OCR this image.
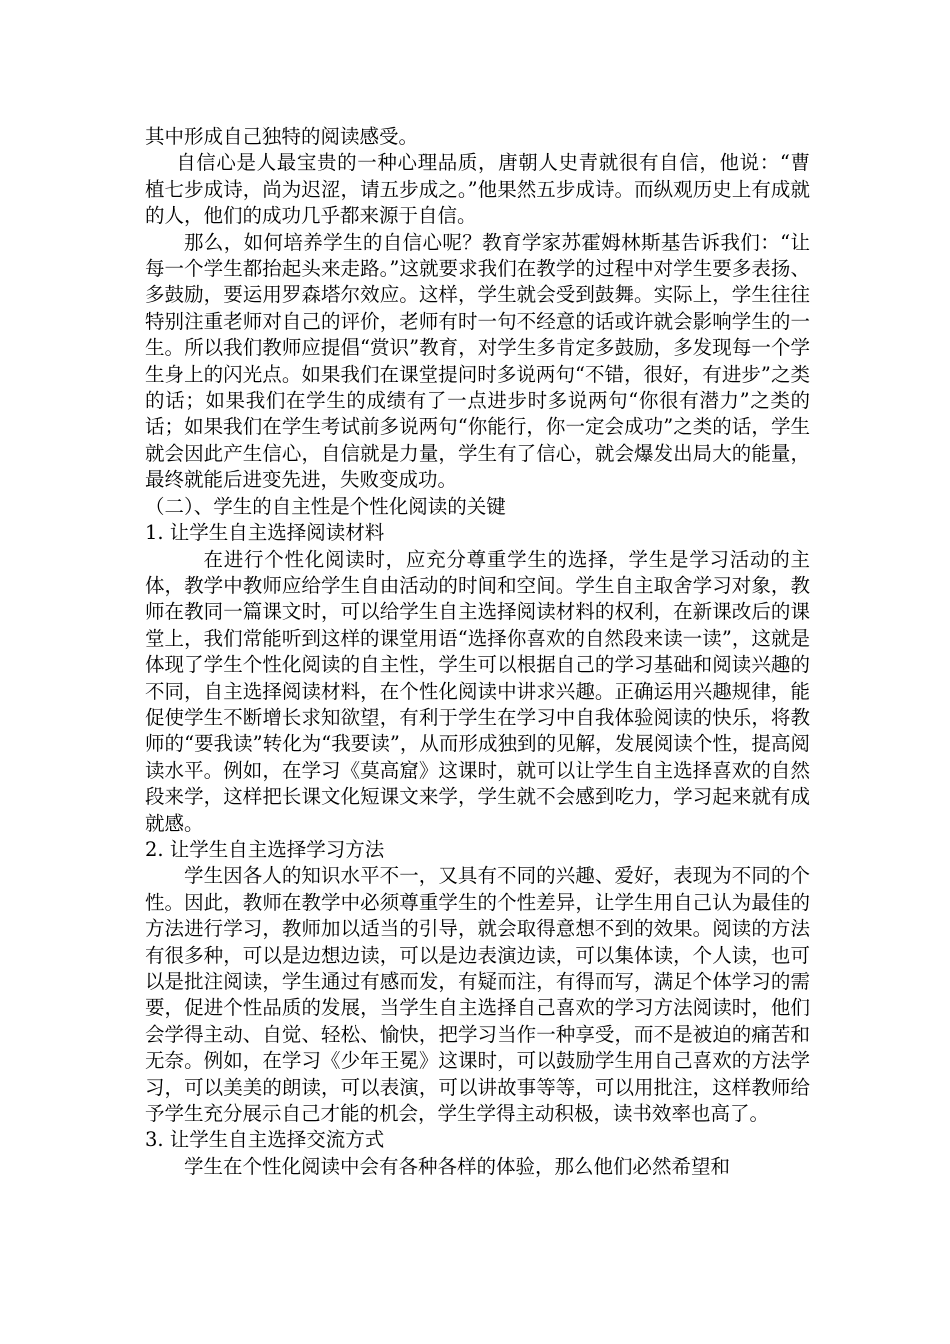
其中形成自己独特的阅读感受。

自信心是人最宝贵的一种心理品质，唐朝人史青就很有自信，他说：“曹植七步成诗，尚为迟涩，请五步成之。”他果然五步成诗。而纵观历史上有成就的人，他们的成功几乎都来源于自信。

那么，如何培养学生的自信心呢？教育学家苏霍姆林斯基告诉我们：“让每一个学生都抬起头来走路。”这就要求我们在教学的过程中对学生要多表扬、多鼓励，要运用罗森塔尔效应。这样，学生就会受到鼓舞。实际上，学生往往特别注重老师对自己的评价，老师有时一句不经意的话或许就会影响学生的一生。所以我们教师应提倡“赏识”教育，对学生多肯定多鼓励，多发现每一个学生身上的闪光点。如果我们在课堂提问时多说两句“不错，很好，有进步”之类的话；如果我们在学生的成绩有了一点进步时多说两句“你很有潜力”之类的话；如果我们在学生考试前多说两句“你能行，你一定会成功”之类的话，学生就会因此产生信心，自信就是力量，学生有了信心，就会爆发出局大的能量，最终就能后进变先进，失败变成功。

（二）、学生的自主性是个性化阅读的关键

1. 让学生自主选择阅读材料

在进行个性化阅读时，应充分尊重学生的选择，学生是学习活动的主体，教学中教师应给学生自由活动的时间和空间。学生自主取舍学习对象，教师在教同一篇课文时，可以给学生自主选择阅读材料的权利，在新课改后的课堂上，我们常能听到这样的课堂用语“选择你喜欢的自然段来读一读”，这就是体现了学生个性化阅读的自主性，学生可以根据自己的学习基础和阅读兴趣的不同，自主选择阅读材料，在个性化阅读中讲求兴趣。正确运用兴趣规律，能促使学生不断增长求知欲望，有利于学生在学习中自我体验阅读的快乐，将教师的“要我读”转化为“我要读”，从而形成独到的见解，发展阅读个性，提高阅读水平。例如，在学习《莫高窟》这课时，就可以让学生自主选择喜欢的自然段来学，这样把长课文化短课文来学，学生就不会感到吃力，学习起来就有成就感。

2. 让学生自主选择学习方法

学生因各人的知识水平不一，又具有不同的兴趣、爱好，表现为不同的个性。因此，教师在教学中必须尊重学生的个性差异，让学生用自己认为最佳的方法进行学习，教师加以适当的引导，就会取得意想不到的效果。阅读的方法有很多种，可以是边想边读，可以是边表演边读，可以集体读，个人读，也可以是批注阅读，学生通过有感而发，有疑而注，有得而写，满足个体学习的需要，促进个性品质的发展，当学生自主选择自己喜欢的学习方法阅读时，他们会学得主动、自觉、轻松、愉快，把学习当作一种享受，而不是被迫的痛苦和无奈。例如，在学习《少年王冕》这课时，可以鼓励学生用自己喜欢的方法学习，可以美美的朗读，可以表演，可以讲故事等等，可以用批注，这样教师给予学生充分展示自己才能的机会，学生学得主动积极，读书效率也高了。

3. 让学生自主选择交流方式

学生在个性化阅读中会有各种各样的体验，那么他们必然希望和
